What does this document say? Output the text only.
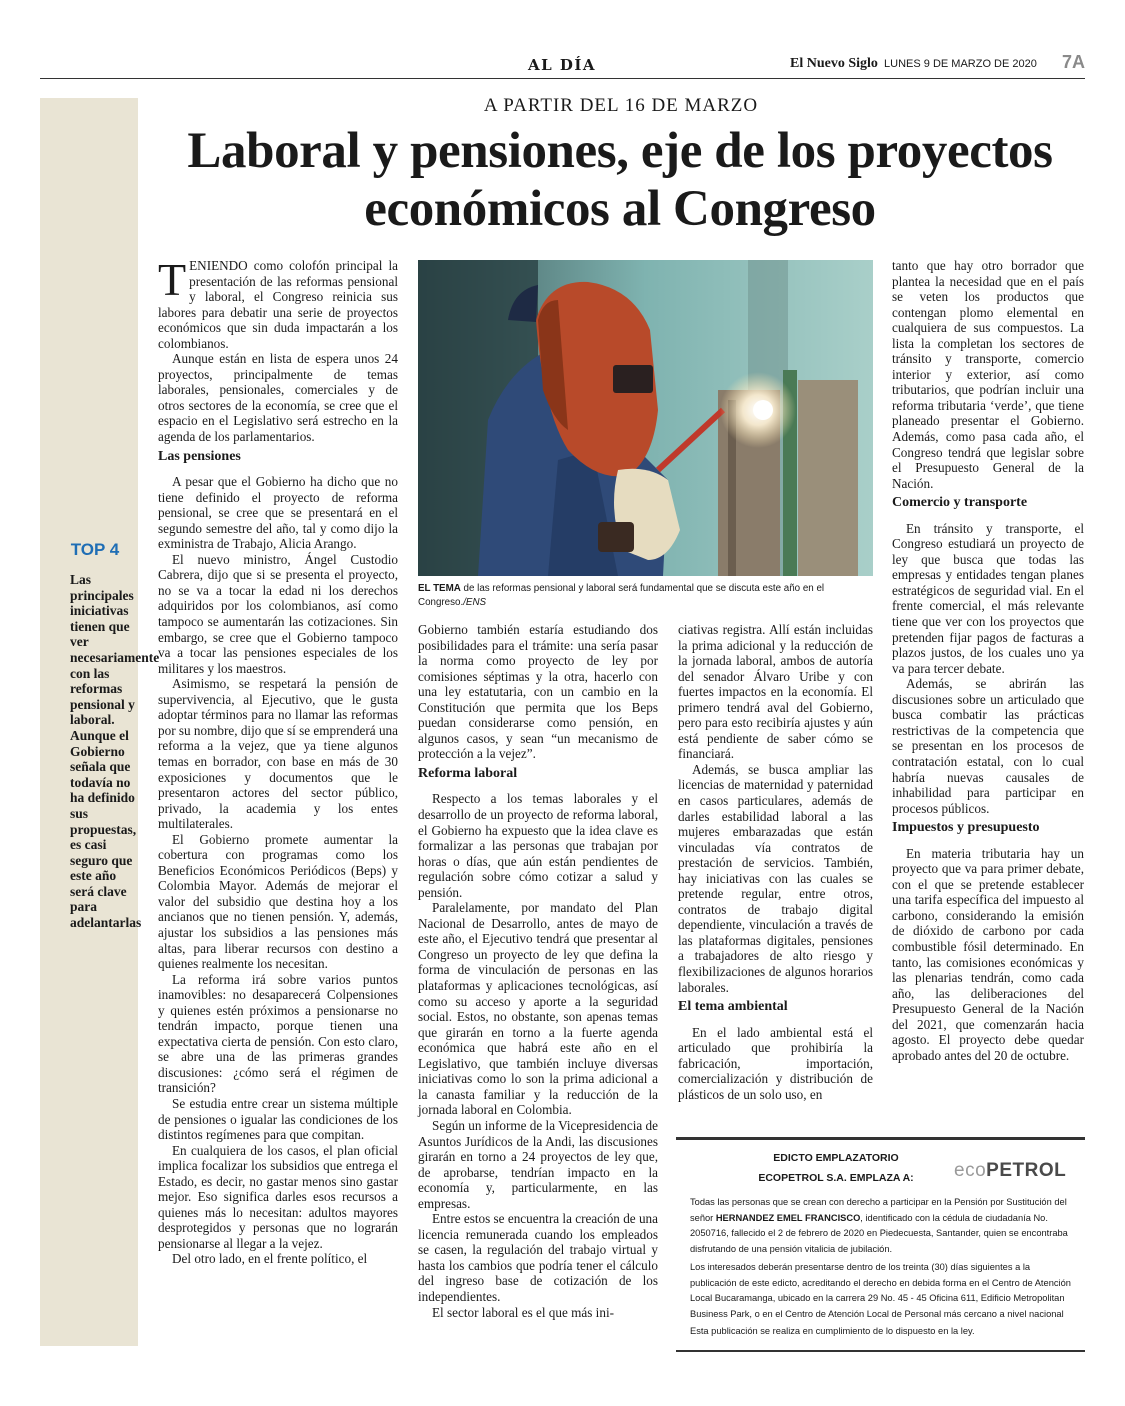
AL DÍA	El Nuevo Siglo LUNES 9 DE MARZO DE 2020 7A
TOP 4
Las principales iniciativas tienen que ver necesariamente con las reformas pensional y laboral. Aunque el Gobierno señala que todavía no ha definido sus propuestas, es casi seguro que este año será clave para adelantarlas
A PARTIR DEL 16 DE MARZO
Laboral y pensiones, eje de los proyectos económicos al Congreso
EL TEMA de las reformas pensional y laboral será fundamental que se discuta este año en el Congreso./ENS

TENIENDO como colofón principal la presentación de las reformas pensional y laboral, el Congreso reinicia sus labores para debatir una serie de proyectos económicos que sin duda impactarán a los colombianos.

Aunque están en lista de espera unos 24 proyectos, principalmente de temas laborales, pensionales, comerciales y de otros sectores de la economía, se cree que el espacio en el Legislativo será estrecho en la agenda de los parlamentarios.

Las pensiones

A pesar que el Gobierno ha dicho que no tiene definido el proyecto de reforma pensional, se cree que se presentará en el segundo semestre del año, tal y como dijo la exministra de Trabajo, Alicia Arango.

El nuevo ministro, Ángel Custodio Cabrera, dijo que si se presenta el proyecto, no se va a tocar la edad ni los derechos adquiridos por los colombianos, así como tampoco se aumentarán las cotizaciones. Sin embargo, se cree que el Gobierno tampoco va a tocar las pensiones especiales de los militares y los maestros.

Asimismo, se respetará la pensión de supervivencia, al Ejecutivo, que le gusta adoptar términos para no llamar las reformas por su nombre, dijo que sí se emprenderá una reforma a la vejez, que ya tiene algunos temas en borrador, con base en más de 30 exposiciones y documentos que le presentaron actores del sector público, privado, la academia y los entes multilaterales.

El Gobierno promete aumentar la cobertura con programas como los Beneficios Económicos Periódicos (Beps) y Colombia Mayor. Además de mejorar el valor del subsidio que destina hoy a los ancianos que no tienen pensión. Y, además, ajustar los subsidios a las pensiones más altas, para liberar recursos con destino a quienes realmente los necesitan.

La reforma irá sobre varios puntos inamovibles: no desaparecerá Colpensiones y quienes estén próximos a pensionarse no tendrán impacto, porque tienen una expectativa cierta de pensión. Con esto claro, se abre una de las primeras grandes discusiones: ¿cómo será el régimen de transición?

Se estudia entre crear un sistema múltiple de pensiones o igualar las condiciones de los distintos regímenes para que compitan.

En cualquiera de los casos, el plan oficial implica focalizar los subsidios que entrega el Estado, es decir, no gastar menos sino gastar mejor. Eso significa darles esos recursos a quienes más lo necesitan: adultos mayores desprotegidos y personas que no lograrán pensionarse al llegar a la vejez.

Del otro lado, en el frente político, el

Gobierno también estaría estudiando dos posibilidades para el trámite: una sería pasar la norma como proyecto de ley por comisiones séptimas y la otra, hacerlo con una ley estatutaria, con un cambio en la Constitución que permita que los Beps puedan considerarse como pensión, en algunos casos, y sean “un mecanismo de protección a la vejez”.

Reforma laboral

Respecto a los temas laborales y el desarrollo de un proyecto de reforma laboral, el Gobierno ha expuesto que la idea clave es formalizar a las personas que trabajan por horas o días, que aún están pendientes de regulación sobre cómo cotizar a salud y pensión.

Paralelamente, por mandato del Plan Nacional de Desarrollo, antes de mayo de este año, el Ejecutivo tendrá que presentar al Congreso un proyecto de ley que defina la forma de vinculación de personas en las plataformas y aplicaciones tecnológicas, así como su acceso y aporte a la seguridad social. Estos, no obstante, son apenas temas que girarán en torno a la fuerte agenda económica que habrá este año en el Legislativo, que también incluye diversas iniciativas como lo son la prima adicional a la canasta familiar y la reducción de la jornada laboral en Colombia.

Según un informe de la Vicepresidencia de Asuntos Jurídicos de la Andi, las discusiones girarán en torno a 24 proyectos de ley que, de aprobarse, tendrían impacto en la economía y, particularmente, en las empresas.

Entre estos se encuentra la creación de una licencia remunerada cuando los empleados se casen, la regulación del trabajo virtual y hasta los cambios que podría tener el cálculo del ingreso base de cotización de los independientes.

El sector laboral es el que más ini-

ciativas registra. Allí están incluidas la prima adicional y la reducción de la jornada laboral, ambos de autoría del senador Álvaro Uribe y con fuertes impactos en la economía. El primero tendrá aval del Gobierno, pero para esto recibiría ajustes y aún está pendiente de saber cómo se financiará.

Además, se busca ampliar las licencias de maternidad y paternidad en casos particulares, además de darles estabilidad laboral a las mujeres embarazadas que están vinculadas vía contratos de prestación de servicios. También, hay iniciativas con las cuales se pretende regular, entre otros, contratos de trabajo digital dependiente, vinculación a través de las plataformas digitales, pensiones a trabajadores de alto riesgo y flexibilizaciones de algunos horarios laborales.

El tema ambiental

En el lado ambiental está el articulado que prohibiría la fabricación, importación, comercialización y distribución de plásticos de un solo uso, en

tanto que hay otro borrador que plantea la necesidad que en el país se veten los productos que contengan plomo elemental en cualquiera de sus compuestos. La lista la completan los sectores de tránsito y transporte, comercio interior y exterior, así como tributarios, que podrían incluir una reforma tributaria ‘verde’, que tiene planeado presentar el Gobierno. Además, como pasa cada año, el Congreso tendrá que legislar sobre el Presupuesto General de la Nación.

Comercio y transporte

En tránsito y transporte, el Congreso estudiará un proyecto de ley que busca que todas las empresas y entidades tengan planes estratégicos de seguridad vial. En el frente comercial, el más relevante tiene que ver con los proyectos que pretenden fijar pagos de facturas a plazos justos, de los cuales uno ya va para tercer debate.

Además, se abrirán las discusiones sobre un articulado que busca combatir las prácticas restrictivas de la competencia que se presentan en los procesos de contratación estatal, con lo cual habría nuevas causales de inhabilidad para participar en procesos públicos.

Impuestos y presupuesto

En materia tributaria hay un proyecto que va para primer debate, con el que se pretende establecer una tarifa específica del impuesto al carbono, considerando la emisión de dióxido de carbono por cada combustible fósil determinado. En tanto, las comisiones económicas y las plenarias tendrán, como cada año, las deliberaciones del Presupuesto General de la Nación del 2021, que comenzarán hacia agosto. El proyecto debe quedar aprobado antes del 20 de octubre.

EDICTO EMPLAZATORIO
ECOPETROL S.A. EMPLAZA A:	ecoPETROL
Todas las personas que se crean con derecho a participar en la Pensión por Sustitución del señor HERNANDEZ EMEL FRANCISCO, identificado con la cédula de ciudadanía No. 2050716, fallecido el 2 de febrero de 2020 en Piedecuesta, Santander, quien se encontraba disfrutando de una pensión vitalicia de jubilación.
Los interesados deberán presentarse dentro de los treinta (30) días siguientes a la publicación de este edicto, acreditando el derecho en debida forma en el Centro de Atención Local Bucaramanga, ubicado en la carrera 29 No. 45 - 45 Oficina 611, Edificio Metropolitan Business Park, o en el Centro de Atención Local de Personal más cercano a nivel nacional
Esta publicación se realiza en cumplimiento de lo dispuesto en la ley.
